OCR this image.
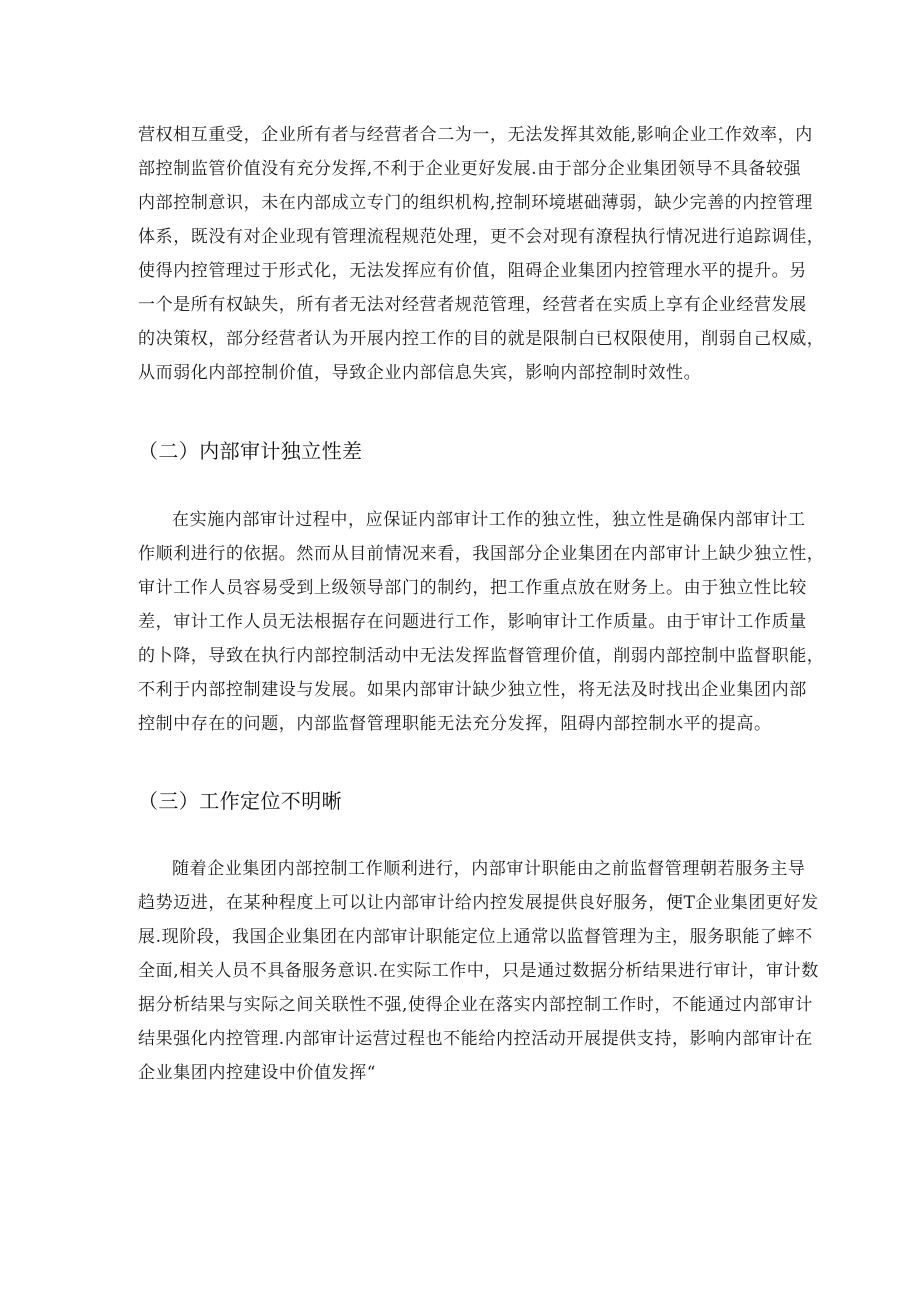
营权相互重受，企业所有者与经营者合二为一，无法发挥其效能,影响企业工作效率，内
部控制监管价值没有充分发挥,不利于企业更好发展.由于部分企业集团领导不具备较强
内部控制意识，未在内部成立专门的组织机构,控制环境堪础薄弱，缺少完善的内控管理
体系，既没有对企业现有管理流程规范处理，更不会对现有潦程执行情况进行追踪调佳，
使得内控管理过于形式化，无法发挥应有价值，阻碍企业集团内控管理水平的提升。另
一个是所有权缺失，所有者无法对经营者规范管理，经营者在实质上享有企业经营发展
的决策权，部分经营者认为开展内控工作的目的就是限制白已权限使用，削弱自己权威，
从而弱化内部控制价值，导致企业内部信息失宾，影响内部控制时效性。
（二）内部审计独立性差
在实施内部审计过程中，应保证内部审计工作的独立性，独立性是确保内部审计工
作顺利进行的依据。然而从目前情况来看，我国部分企业集团在内部审计上缺少独立性，
审计工作人员容易受到上级领导部门的制约，把工作重点放在财务上。由于独立性比较
差，审计工作人员无法根据存在问题进行工作，影响审计工作质量。由于审计工作质量
的卜降，导致在执行内部控制活动中无法发挥监督管理价值，削弱内部控制中监督职能，
不利于内部控制建设与发展。如果内部审计缺少独立性，将无法及时找出企业集团内部
控制中存在的问题，内部监督管理职能无法充分发挥，阻碍内部控制水平的提高。
（三）工作定位不明晰
随着企业集团内部控制工作顺利进行，内部审计职能由之前监督管理朝若服务主导
趋势迈进，在某种程度上可以让内部审计给内控发展提供良好服务，便T企业集团更好发
展.现阶段，我国企业集团在内部审计职能定位上通常以监督管理为主，服务职能了蟀不
全面,相关人员不具备服务意识.在实际工作中，只是通过数据分析结果进行审计，审计数
据分析结果与实际之间关联性不强,使得企业在落实内部控制工作时，不能通过内部审计
结果强化内控管理.内部审计运营过程也不能给内控活动开展提供支持，影响内部审计在
企业集团内控建设中价值发挥“
